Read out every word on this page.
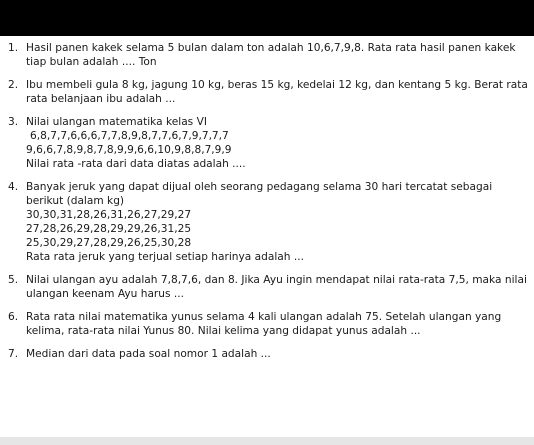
1. Hasil panen kakek selama 5 bulan dalam ton adalah 10,6,7,9,8. Rata rata hasil panen kakek
tiap bulan adalah .... Ton
2. Ibu membeli gula 8 kg, jagung 10 kg, beras 15 kg, kedelai 12 kg, dan kentang 5 kg. Berat rata
rata belanjaan ibu adalah ...
3. Nilai ulangan matematika kelas VI
6,8,7,7,6,6,6,7,7,8,9,8,7,7,6,7,9,7,7,7
9,6,6,7,8,9,8,7,8,9,9,6,6,10,9,8,8,7,9,9
Nilai rata -rata dari data diatas adalah ....
4. Banyak jeruk yang dapat dijual oleh seorang pedagang selama 30 hari tercatat sebagai
berikut (dalam kg)
30,30,31,28,26,31,26,27,29,27
27,28,26,29,28,29,29,26,31,25
25,30,29,27,28,29,26,25,30,28
Rata rata jeruk yang terjual setiap harinya adalah ...
5. Nilai ulangan ayu adalah 7,8,7,6, dan 8. Jika Ayu ingin mendapat nilai rata-rata 7,5, maka nilai
ulangan keenam Ayu harus ...
6. Rata rata nilai matematika yunus selama 4 kali ulangan adalah 75. Setelah ulangan yang
kelima, rata-rata nilai Yunus 80. Nilai kelima yang didapat yunus adalah ...
7. Median dari data pada soal nomor 1 adalah ...
